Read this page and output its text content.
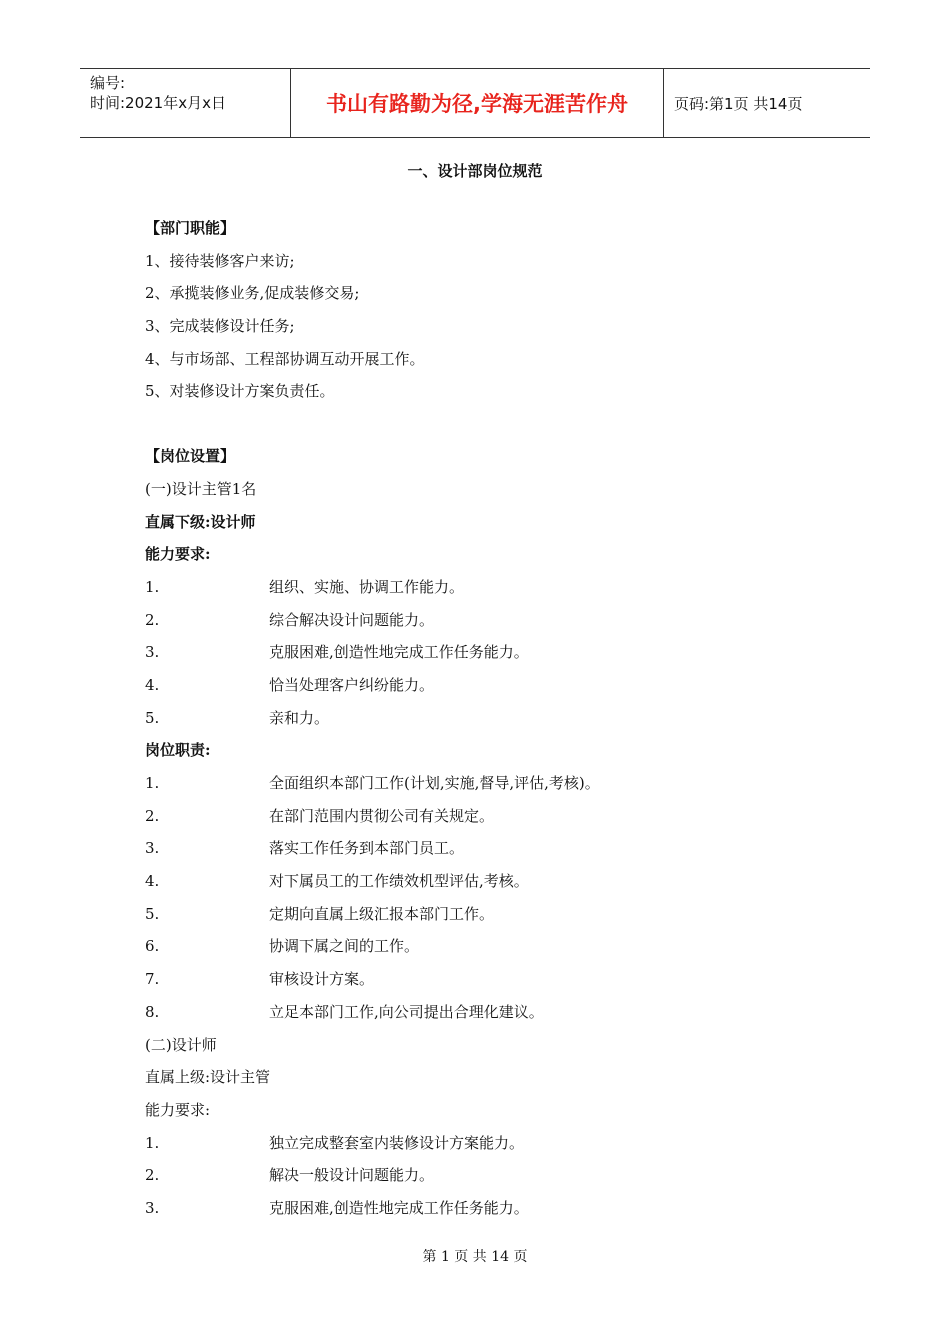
编号:
时间:2021年x月x日	书山有路勤为径,学海无涯苦作舟	页码:第1页 共14页
一、设计部岗位规范
【部门职能】
1、接待装修客户来访;
2、承揽装修业务,促成装修交易;
3、完成装修设计任务;
4、与市场部、工程部协调互动开展工作。
5、对装修设计方案负责任。
【岗位设置】
(一)设计主管1名
直属下级:设计师
能力要求:
1.	组织、实施、协调工作能力。
2.	综合解决设计问题能力。
3.	克服困难,创造性地完成工作任务能力。
4.	恰当处理客户纠纷能力。
5.	亲和力。
岗位职责:
1.	全面组织本部门工作(计划,实施,督导,评估,考核)。
2.	在部门范围内贯彻公司有关规定。
3.	落实工作任务到本部门员工。
4.	对下属员工的工作绩效机型评估,考核。
5.	定期向直属上级汇报本部门工作。
6.	协调下属之间的工作。
7.	审核设计方案。
8.	立足本部门工作,向公司提出合理化建议。
(二)设计师
直属上级:设计主管
能力要求:
1.	独立完成整套室内装修设计方案能力。
2.	解决一般设计问题能力。
3.	克服困难,创造性地完成工作任务能力。
第 1 页 共 14 页
